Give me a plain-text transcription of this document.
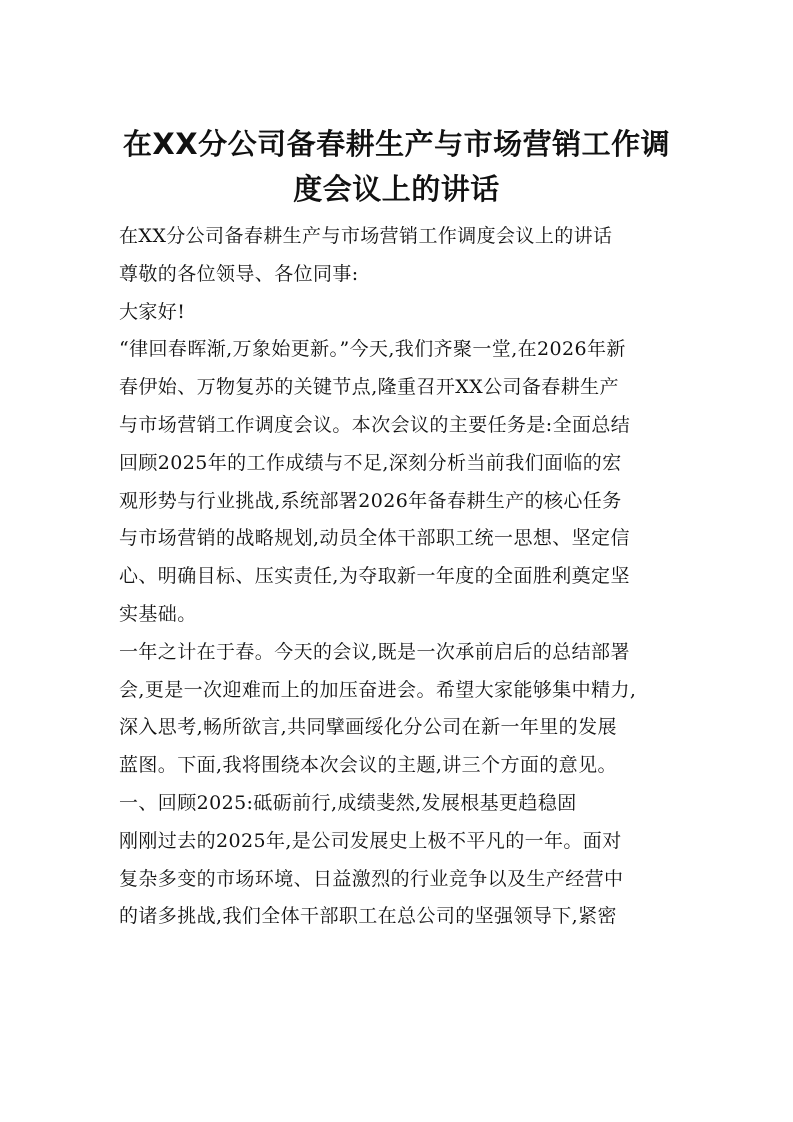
在XX分公司备春耕生产与市场营销工作调
度会议上的讲话
在XX分公司备春耕生产与市场营销工作调度会议上的讲话
尊敬的各位领导、各位同事:
大家好!
“律回春晖渐,万象始更新。”今天,我们齐聚一堂,在2026年新
春伊始、万物复苏的关键节点,隆重召开XX公司备春耕生产
与市场营销工作调度会议。本次会议的主要任务是:全面总结
回顾2025年的工作成绩与不足,深刻分析当前我们面临的宏
观形势与行业挑战,系统部署2026年备春耕生产的核心任务
与市场营销的战略规划,动员全体干部职工统一思想、坚定信
心、明确目标、压实责任,为夺取新一年度的全面胜利奠定坚
实基础。
一年之计在于春。今天的会议,既是一次承前启后的总结部署
会,更是一次迎难而上的加压奋进会。希望大家能够集中精力,
深入思考,畅所欲言,共同擘画绥化分公司在新一年里的发展
蓝图。下面,我将围绕本次会议的主题,讲三个方面的意见。
一、回顾2025:砥砺前行,成绩斐然,发展根基更趋稳固
刚刚过去的2025年,是公司发展史上极不平凡的一年。面对
复杂多变的市场环境、日益激烈的行业竞争以及生产经营中
的诸多挑战,我们全体干部职工在总公司的坚强领导下,紧密
